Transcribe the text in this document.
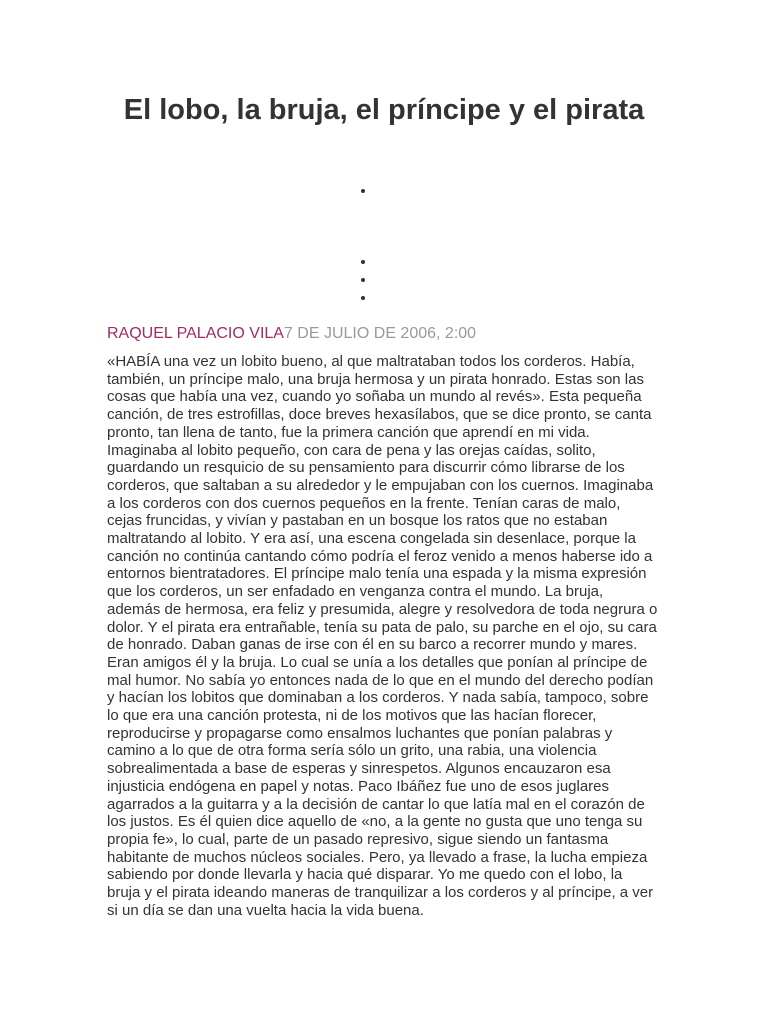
El lobo, la bruja, el príncipe y el pirata
RAQUEL PALACIO VILA7 DE JULIO DE 2006, 2:00

«HABÍA una vez un lobito bueno, al que maltrataban todos los corderos. Había,
también, un príncipe malo, una bruja hermosa y un pirata honrado. Estas son las
cosas que había una vez, cuando yo soñaba un mundo al revés». Esta pequeña
canción, de tres estrofillas, doce breves hexasílabos, que se dice pronto, se canta
pronto, tan llena de tanto, fue la primera canción que aprendí en mi vida.
Imaginaba al lobito pequeño, con cara de pena y las orejas caídas, solito,
guardando un resquicio de su pensamiento para discurrir cómo librarse de los
corderos, que saltaban a su alrededor y le empujaban con los cuernos. Imaginaba
a los corderos con dos cuernos pequeños en la frente. Tenían caras de malo,
cejas fruncidas, y vivían y pastaban en un bosque los ratos que no estaban
maltratando al lobito. Y era así, una escena congelada sin desenlace, porque la
canción no continúa cantando cómo podría el feroz venido a menos haberse ido a
entornos bientratadores. El príncipe malo tenía una espada y la misma expresión
que los corderos, un ser enfadado en venganza contra el mundo. La bruja,
además de hermosa, era feliz y presumida, alegre y resolvedora de toda negrura o
dolor. Y el pirata era entrañable, tenía su pata de palo, su parche en el ojo, su cara
de honrado. Daban ganas de irse con él en su barco a recorrer mundo y mares.
Eran amigos él y la bruja. Lo cual se unía a los detalles que ponían al príncipe de
mal humor. No sabía yo entonces nada de lo que en el mundo del derecho podían
y hacían los lobitos que dominaban a los corderos. Y nada sabía, tampoco, sobre
lo que era una canción protesta, ni de los motivos que las hacían florecer,
reproducirse y propagarse como ensalmos luchantes que ponían palabras y
camino a lo que de otra forma sería sólo un grito, una rabia, una violencia
sobrealimentada a base de esperas y sinrespetos. Algunos encauzaron esa
injusticia endógena en papel y notas. Paco Ibáñez fue uno de esos juglares
agarrados a la guitarra y a la decisión de cantar lo que latía mal en el corazón de
los justos. Es él quien dice aquello de «no, a la gente no gusta que uno tenga su
propia fe», lo cual, parte de un pasado represivo, sigue siendo un fantasma
habitante de muchos núcleos sociales. Pero, ya llevado a frase, la lucha empieza
sabiendo por donde llevarla y hacia qué disparar. Yo me quedo con el lobo, la
bruja y el pirata ideando maneras de tranquilizar a los corderos y al príncipe, a ver
si un día se dan una vuelta hacia la vida buena.
